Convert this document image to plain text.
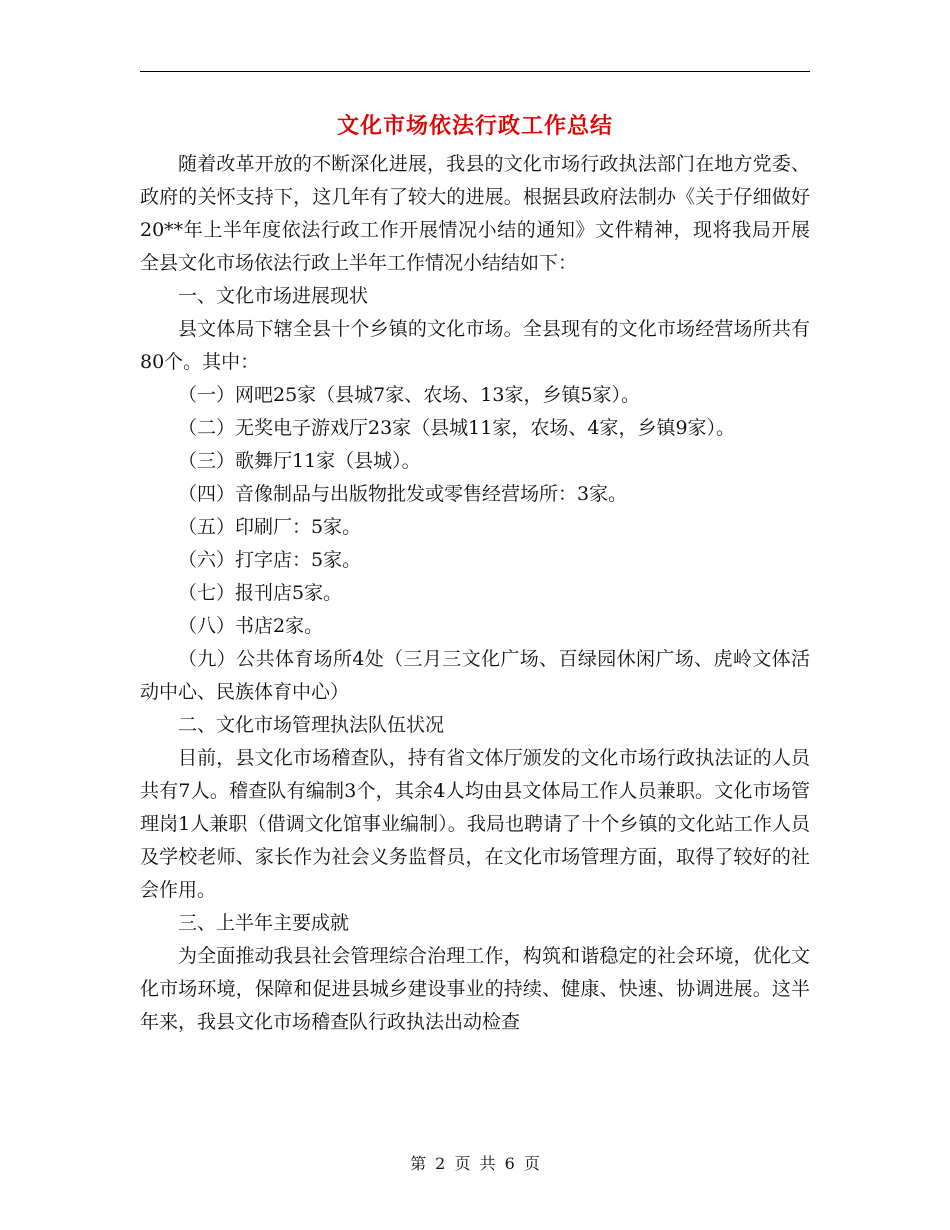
文化市场依法行政工作总结

随着改革开放的不断深化进展，我县的文化市场行政执法部门在地方党委、政府的关怀支持下，这几年有了较大的进展。根据县政府法制办《关于仔细做好20**年上半年度依法行政工作开展情况小结的通知》文件精神，现将我局开展全县文化市场依法行政上半年工作情况小结结如下：

一、文化市场进展现状

县文体局下辖全县十个乡镇的文化市场。全县现有的文化市场经营场所共有80个。其中：

（一）网吧25家（县城7家、农场、13家，乡镇5家）。

（二）无奖电子游戏厅23家（县城11家，农场、4家，乡镇9家）。

（三）歌舞厅11家（县城）。

（四）音像制品与出版物批发或零售经营场所：3家。

（五）印刷厂：5家。

（六）打字店：5家。

（七）报刊店5家。

（八）书店2家。

（九）公共体育场所4处（三月三文化广场、百绿园休闲广场、虎岭文体活动中心、民族体育中心）

二、文化市场管理执法队伍状况

目前，县文化市场稽查队，持有省文体厅颁发的文化市场行政执法证的人员共有7人。稽查队有编制3个，其余4人均由县文体局工作人员兼职。文化市场管理岗1人兼职（借调文化馆事业编制）。我局也聘请了十个乡镇的文化站工作人员及学校老师、家长作为社会义务监督员，在文化市场管理方面，取得了较好的社会作用。

三、上半年主要成就

为全面推动我县社会管理综合治理工作，构筑和谐稳定的社会环境，优化文化市场环境，保障和促进县城乡建设事业的持续、健康、快速、协调进展。这半年来，我县文化市场稽查队行政执法出动检查

第 2 页 共 6 页
